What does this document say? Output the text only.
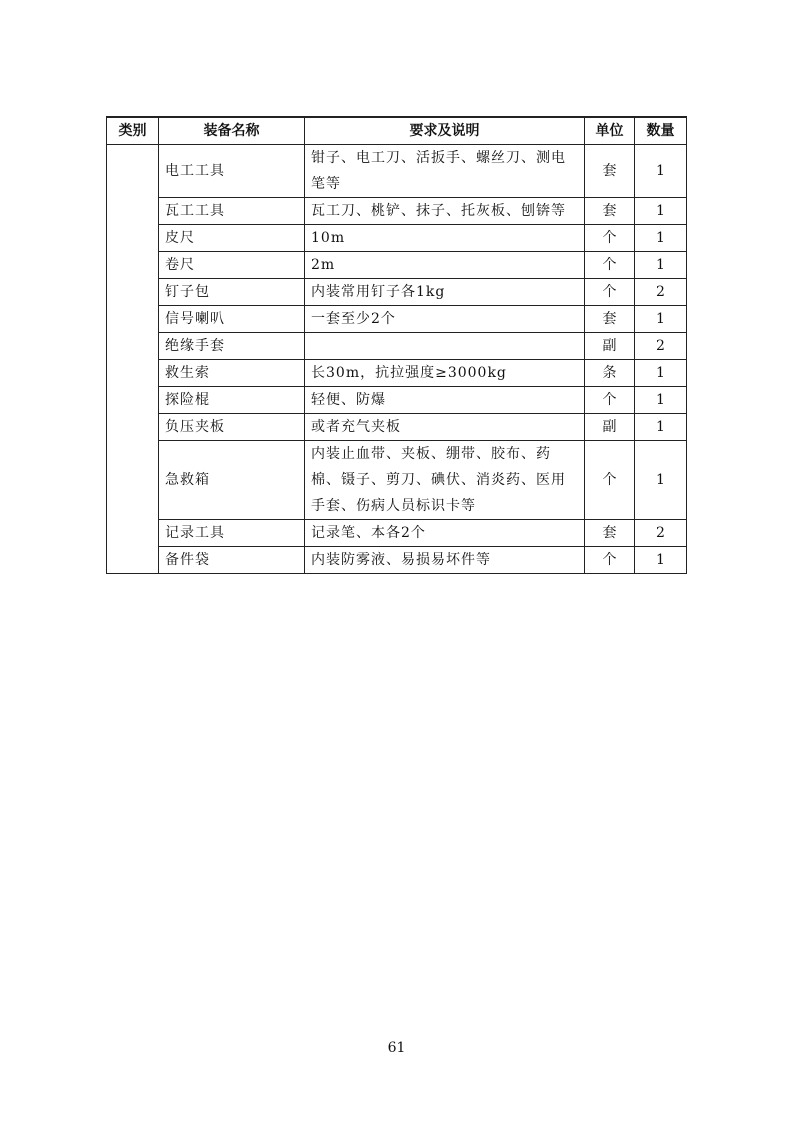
类别	装备名称	要求及说明	单位	数量
	电工工具	钳子、电工刀、活扳手、螺丝刀、测电笔等	套	1
	瓦工工具	瓦工刀、桃铲、抹子、托灰板、刨锛等	套	1
	皮尺	10m	个	1
	卷尺	2m	个	1
	钉子包	内装常用钉子各1kg	个	2
	信号喇叭	一套至少2个	套	1
	绝缘手套		副	2
	救生索	长30m，抗拉强度≥3000kg	条	1
	探险棍	轻便、防爆	个	1
	负压夹板	或者充气夹板	副	1
	急救箱	内装止血带、夹板、绷带、胶布、药棉、镊子、剪刀、碘伏、消炎药、医用手套、伤病人员标识卡等	个	1
	记录工具	记录笔、本各2个	套	2
	备件袋	内装防雾液、易损易坏件等	个	1
61
